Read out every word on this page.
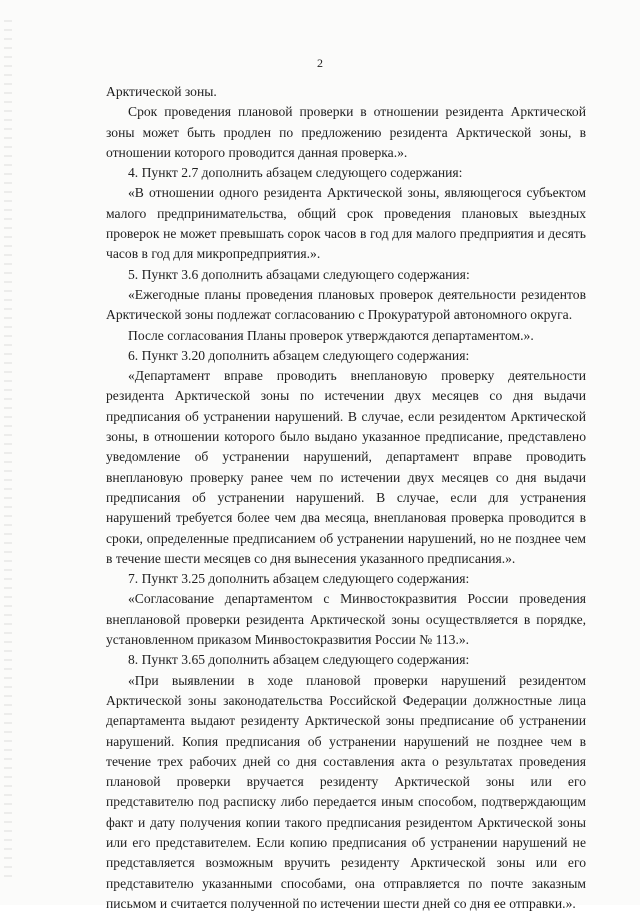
2

Арктической зоны.

Срок проведения плановой проверки в отношении резидента Арктической зоны может быть продлен по предложению резидента Арктической зоны, в отношении которого проводится данная проверка.».

4. Пункт 2.7 дополнить абзацем следующего содержания:

«В отношении одного резидента Арктической зоны, являющегося субъектом малого предпринимательства, общий срок проведения плановых выездных проверок не может превышать сорок часов в год для малого предприятия и десять часов в год для микропредприятия.».

5. Пункт 3.6 дополнить абзацами следующего содержания:

«Ежегодные планы проведения плановых проверок деятельности резидентов Арктической зоны подлежат согласованию с Прокуратурой автономного округа.

После согласования Планы проверок утверждаются департаментом.».

6. Пункт 3.20 дополнить абзацем следующего содержания:

«Департамент вправе проводить внеплановую проверку деятельности резидента Арктической зоны по истечении двух месяцев со дня выдачи предписания об устранении нарушений. В случае, если резидентом Арктической зоны, в отношении которого было выдано указанное предписание, представлено уведомление об устранении нарушений, департамент вправе проводить внеплановую проверку ранее чем по истечении двух месяцев со дня выдачи предписания об устранении нарушений. В случае, если для устранения нарушений требуется более чем два месяца, внеплановая проверка проводится в сроки, определенные предписанием об устранении нарушений, но не позднее чем в течение шести месяцев со дня вынесения указанного предписания.».

7. Пункт 3.25 дополнить абзацем следующего содержания:

«Согласование департаментом с Минвостокразвития России проведения внеплановой проверки резидента Арктической зоны осуществляется в порядке, установленном приказом Минвостокразвития России № 113.».

8. Пункт 3.65 дополнить абзацем следующего содержания:

«При выявлении в ходе плановой проверки нарушений резидентом Арктической зоны законодательства Российской Федерации должностные лица департамента выдают резиденту Арктической зоны предписание об устранении нарушений. Копия предписания об устранении нарушений не позднее чем в течение трех рабочих дней со дня составления акта о результатах проведения плановой проверки вручается резиденту Арктической зоны или его представителю под расписку либо передается иным способом, подтверждающим факт и дату получения копии такого предписания резидентом Арктической зоны или его представителем. Если копию предписания об устранении нарушений не представляется возможным вручить резиденту Арктической зоны или его представителю указанными способами, она отправляется по почте заказным письмом и считается полученной по истечении шести дней со дня ее отправки.».
